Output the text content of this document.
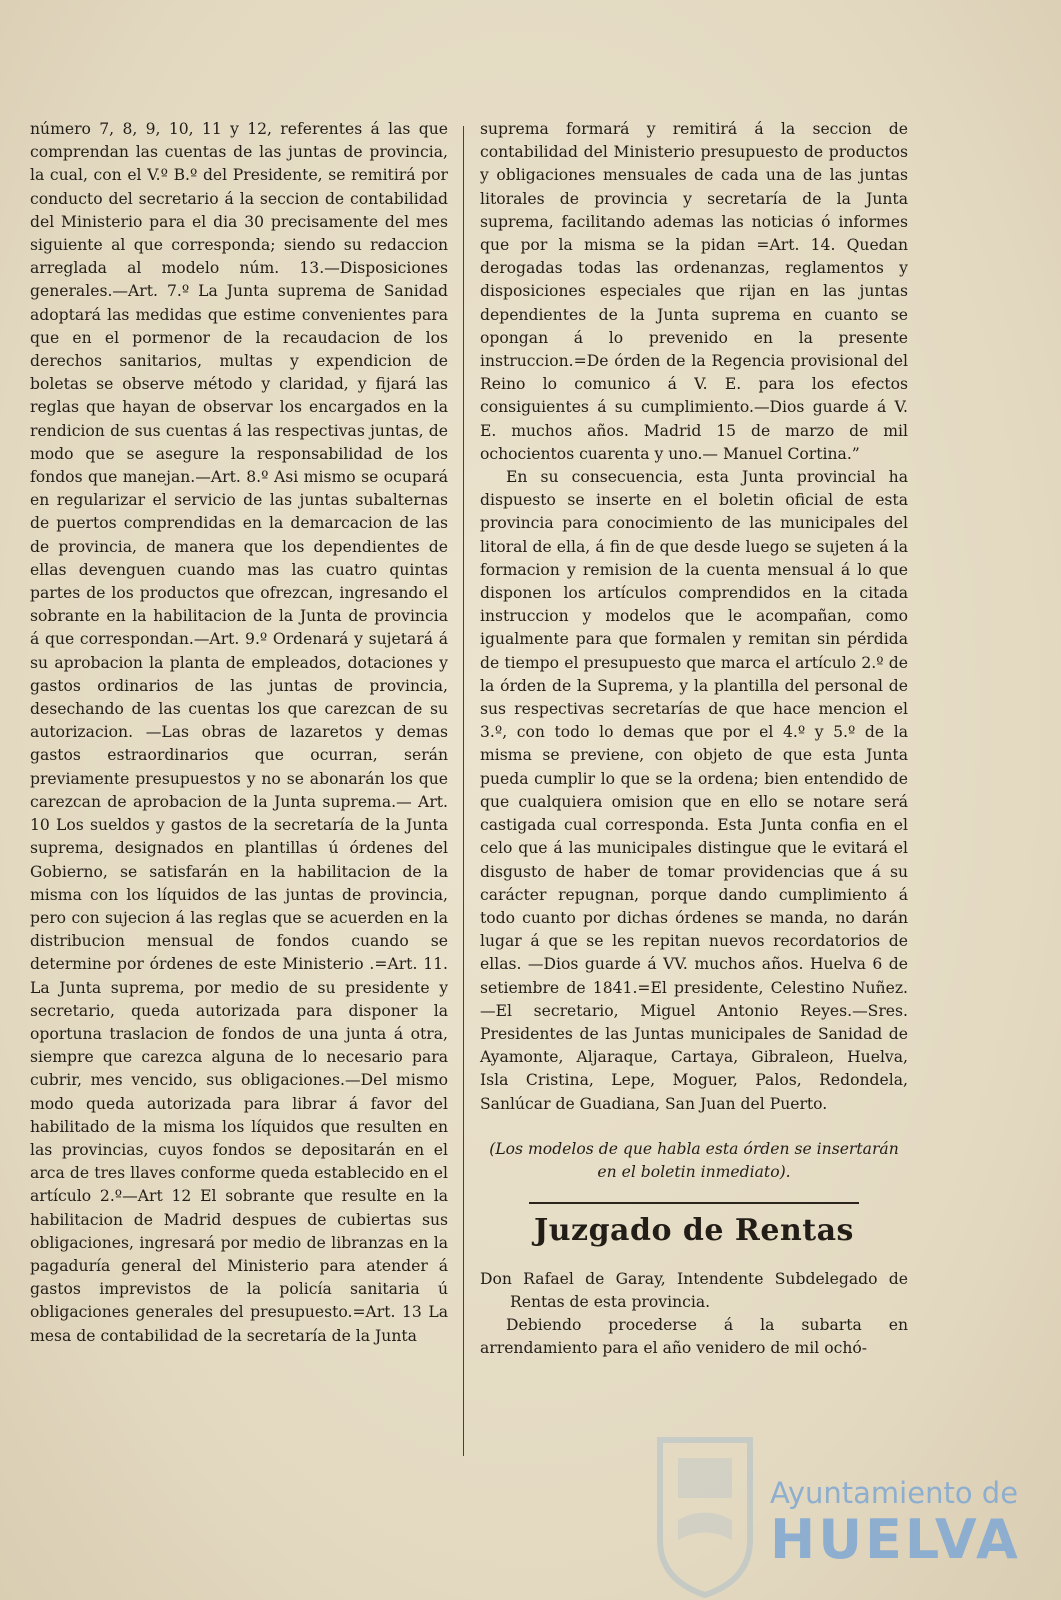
número 7, 8, 9, 10, 11 y 12, referentes á las que comprendan las cuentas de las juntas de provincia, la cual, con el V.º B.º del Presidente, se remitirá por conducto del secretario á la seccion de contabilidad del Ministerio para el dia 30 precisamente del mes siguiente al que corresponda; siendo su redaccion arreglada al modelo núm. 13.—Disposiciones generales.—Art. 7.º La Junta suprema de Sanidad adoptará las medidas que estime convenientes para que en el pormenor de la recaudacion de los derechos sanitarios, multas y expendicion de boletas se observe método y claridad, y fijará las reglas que hayan de observar los encargados en la rendicion de sus cuentas á las respectivas juntas, de modo que se asegure la responsabilidad de los fondos que manejan.—Art. 8.º Asi mismo se ocupará en regularizar el servicio de las juntas subalternas de puertos comprendidas en la demarcacion de las de provincia, de manera que los dependientes de ellas devenguen cuando mas las cuatro quintas partes de los productos que ofrezcan, ingresando el sobrante en la habilitacion de la Junta de provincia á que correspondan.—Art. 9.º Ordenará y sujetará á su aprobacion la planta de empleados, dotaciones y gastos ordinarios de las juntas de provincia, desechando de las cuentas los que carezcan de su autorizacion. —Las obras de lazaretos y demas gastos estraordinarios que ocurran, serán previamente presupuestos y no se abonarán los que carezcan de aprobacion de la Junta suprema.— Art. 10 Los sueldos y gastos de la secretaría de la Junta suprema, designados en plantillas ú órdenes del Gobierno, se satisfarán en la habilitacion de la misma con los líquidos de las juntas de provincia, pero con sujecion á las reglas que se acuerden en la distribucion mensual de fondos cuando se determine por órdenes de este Ministerio .=Art. 11. La Junta suprema, por medio de su presidente y secretario, queda autorizada para disponer la oportuna traslacion de fondos de una junta á otra, siempre que carezca alguna de lo necesario para cubrir, mes vencido, sus obligaciones.—Del mismo modo queda autorizada para librar á favor del habilitado de la misma los líquidos que resulten en las provincias, cuyos fondos se depositarán en el arca de tres llaves conforme queda establecido en el artículo 2.º—Art 12 El sobrante que resulte en la habilitacion de Madrid despues de cubiertas sus obligaciones, ingresará por medio de libranzas en la pagaduría general del Ministerio para atender á gastos imprevistos de la policía sanitaria ú obligaciones generales del presupuesto.=Art. 13 La mesa de contabilidad de la secretaría de la Junta

suprema formará y remitirá á la seccion de contabilidad del Ministerio presupuesto de productos y obligaciones mensuales de cada una de las juntas litorales de provincia y secretaría de la Junta suprema, facilitando ademas las noticias ó informes que por la misma se la pidan =Art. 14. Quedan derogadas todas las ordenanzas, reglamentos y disposiciones especiales que rijan en las juntas dependientes de la Junta suprema en cuanto se opongan á lo prevenido en la presente instruccion.=De órden de la Regencia provisional del Reino lo comunico á V. E. para los efectos consiguientes á su cumplimiento.—Dios guarde á V. E. muchos años. Madrid 15 de marzo de mil ochocientos cuarenta y uno.— Manuel Cortina.”

En su consecuencia, esta Junta provincial ha dispuesto se inserte en el boletin oficial de esta provincia para conocimiento de las municipales del litoral de ella, á fin de que desde luego se sujeten á la formacion y remision de la cuenta mensual á lo que disponen los artículos comprendidos en la citada instruccion y modelos que le acompañan, como igualmente para que formalen y remitan sin pérdida de tiempo el presupuesto que marca el artículo 2.º de la órden de la Suprema, y la plantilla del personal de sus respectivas secretarías de que hace mencion el 3.º, con todo lo demas que por el 4.º y 5.º de la misma se previene, con objeto de que esta Junta pueda cumplir lo que se la ordena; bien entendido de que cualquiera omision que en ello se notare será castigada cual corresponda. Esta Junta confia en el celo que á las municipales distingue que le evitará el disgusto de haber de tomar providencias que á su carácter repugnan, porque dando cumplimiento á todo cuanto por dichas órdenes se manda, no darán lugar á que se les repitan nuevos recordatorios de ellas. —Dios guarde á VV. muchos años. Huelva 6 de setiembre de 1841.=El presidente, Celestino Nuñez.—El secretario, Miguel Antonio Reyes.—Sres. Presidentes de las Juntas municipales de Sanidad de Ayamonte, Aljaraque, Cartaya, Gibraleon, Huelva, Isla Cristina, Lepe, Moguer, Palos, Redondela, Sanlúcar de Guadiana, San Juan del Puerto.

(Los modelos de que habla esta órden se insertarán en el boletin inmediato).

Juzgado de Rentas

Don Rafael de Garay, Intendente Subdelegado de Rentas de esta provincia.

Debiendo procederse á la subarta en arrendamiento para el año venidero de mil ochó-

Ayuntamiento de
HUELVA
